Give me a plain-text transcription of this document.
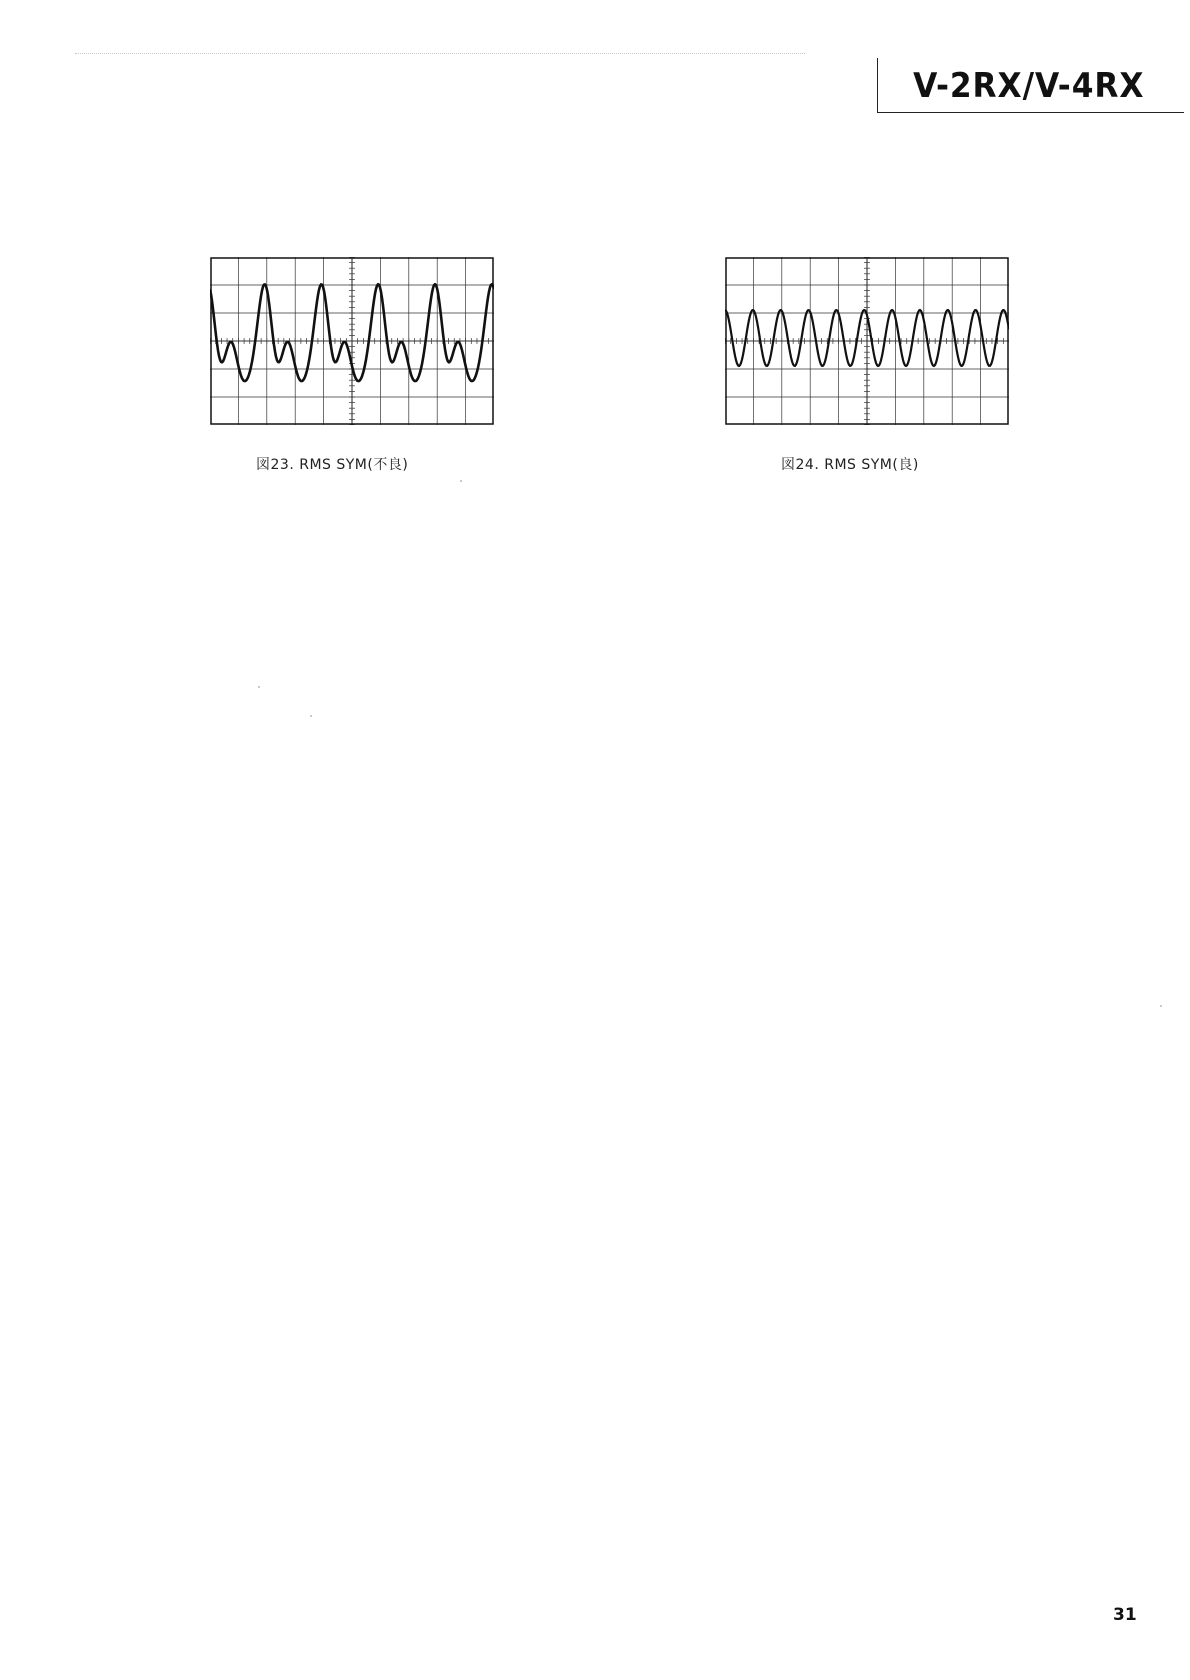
V-2RX/V-4RX
図23. RMS SYM(不良)	図24. RMS SYM(良)
31
